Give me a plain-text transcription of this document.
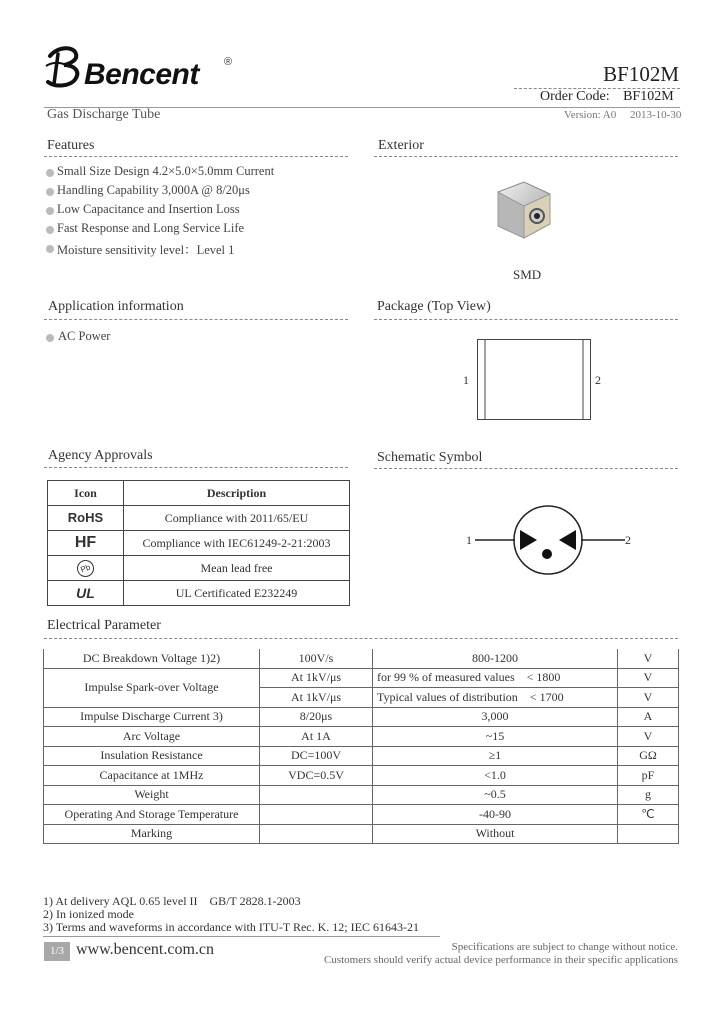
Bencent ®	BF102M
Order Code: BF102M
Gas Discharge Tube	Version: A0 2013-10-30
Features
Small Size Design 4.2×5.0×5.0mm Current
Handling Capability 3,000A @ 8/20μs
Low Capacitance and Insertion Loss
Fast Response and Long Service Life
Moisture sensitivity level：Level 1
Exterior
SMD
Application information
AC Power
Package (Top View)
1	2
Agency Approvals
Icon	Description
RoHS	Compliance with 2011/65/EU
HF	Compliance with IEC61249-2-21:2003
Pb	Mean lead free
UL	UL Certificated E232249
Schematic Symbol
1	2
Electrical Parameter
DC Breakdown Voltage 1)2)	100V/s	800-1200	V
Impulse Spark-over Voltage	At 1kV/μs	for 99 % of measured values    < 1800	V
	At 1kV/μs	Typical values of distribution    < 1700	V
Impulse Discharge Current 3)	8/20μs	3,000	A
Arc Voltage	At 1A	~15	V
Insulation Resistance	DC=100V	≥1	GΩ
Capacitance at 1MHz	VDC=0.5V	<1.0	pF
Weight		~0.5	g
Operating And Storage Temperature		-40-90	℃
Marking		Without	
1) At delivery AQL 0.65 level II    GB/T 2828.1-2003
2) In ionized mode
3) Terms and waveforms in accordance with ITU-T Rec. K. 12; IEC 61643-21
1/3 www.bencent.com.cn	Specifications are subject to change without notice.
Customers should verify actual device performance in their specific applications
